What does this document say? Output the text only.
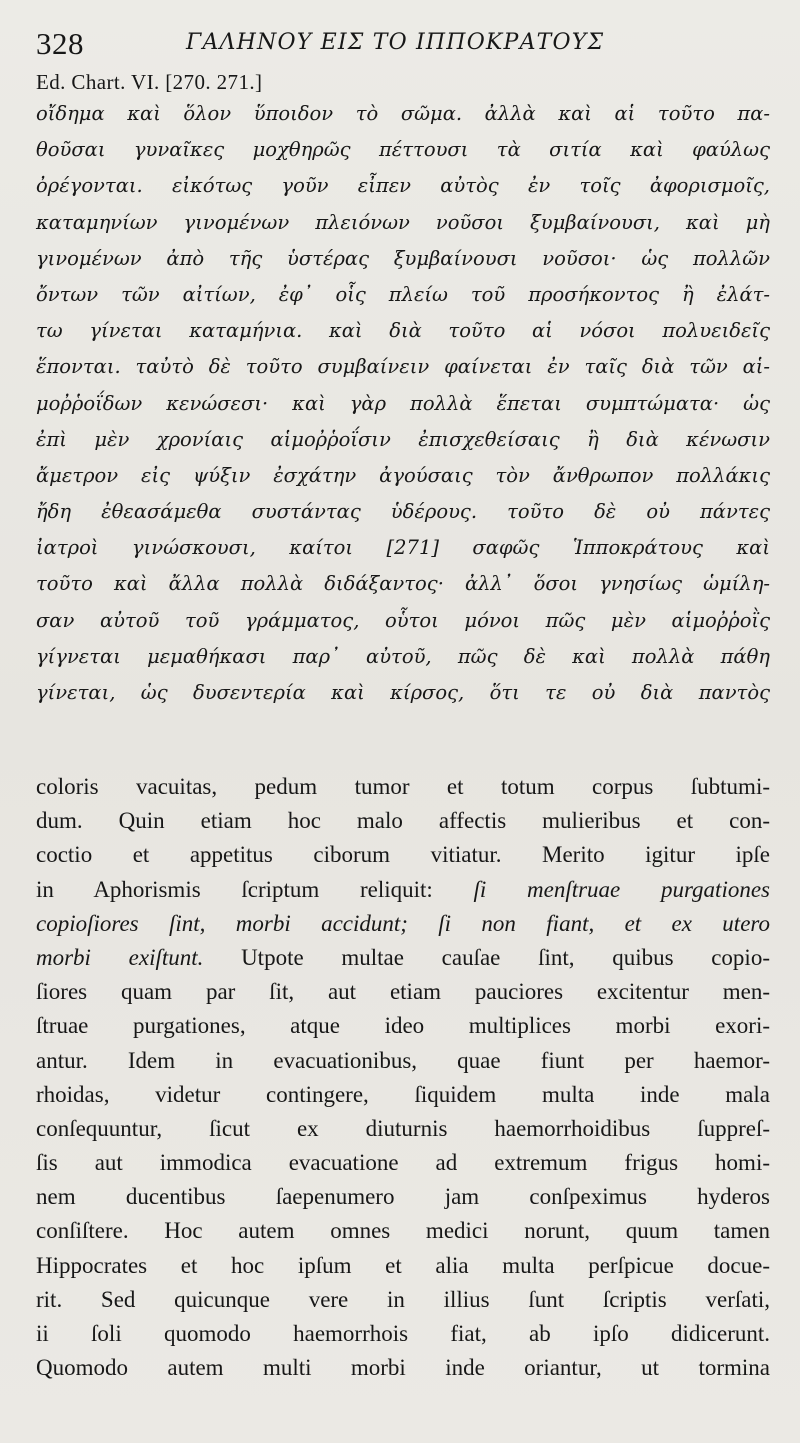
328	ΓΑΛΗΝΟΥ ΕΙΣ ΤΟ ΙΠΠΟΚΡΑΤΟΥΣ
Ed. Chart. VI. [270. 271.]
οἴδημα καὶ ὅλον ὕποιδον τὸ σῶμα. ἀλλὰ καὶ αἱ τοῦτο πα-
θοῦσαι γυναῖκες μοχθηρῶς πέττουσι τὰ σιτία καὶ φαύλως
ὀρέγονται. εἰκότως γοῦν εἶπεν αὐτὸς ἐν τοῖς ἀφορισμοῖς,
καταμηνίων γινομένων πλειόνων νοῦσοι ξυμβαίνουσι, καὶ μὴ
γινομένων ἀπὸ τῆς ὑστέρας ξυμβαίνουσι νοῦσοι· ὡς πολλῶν
ὄντων τῶν αἰτίων, ἐφ᾽ οἷς πλείω τοῦ προσήκοντος ἢ ἐλάτ-
τω γίνεται καταμήνια. καὶ διὰ τοῦτο αἱ νόσοι πολυειδεῖς
ἕπονται. ταὐτὸ δὲ τοῦτο συμβαίνειν φαίνεται ἐν ταῖς διὰ τῶν αἱ-
μοῤῥοΐδων κενώσεσι· καὶ γὰρ πολλὰ ἕπεται συμπτώματα· ὡς
ἐπὶ μὲν χρονίαις αἱμοῤῥοΐσιν ἐπισχεθείσαις ἢ διὰ κένωσιν
ἄμετρον εἰς ψύξιν ἐσχάτην ἀγούσαις τὸν ἄνθρωπον πολλάκις
ἤδη ἐθεασάμεθα συστάντας ὑδέρους. τοῦτο δὲ οὐ πάντες
ἰατροὶ γινώσκουσι, καίτοι [271] σαφῶς Ἱπποκράτους καὶ
τοῦτο καὶ ἄλλα πολλὰ διδάξαντος· ἀλλ᾽ ὅσοι γνησίως ὡμίλη-
σαν αὐτοῦ τοῦ γράμματος, οὗτοι μόνοι πῶς μὲν αἱμοῤῥοῒς
γίγνεται μεμαθήκασι παρ᾽ αὐτοῦ, πῶς δὲ καὶ πολλὰ πάθη
γίνεται, ὡς δυσεντερία καὶ κίρσος, ὅτι τε οὐ διὰ παντὸς
coloris vacuitas, pedum tumor et totum corpus ſubtumi-
dum. Quin etiam hoc malo affectis mulieribus et con-
coctio et appetitus ciborum vitiatur. Merito igitur ipſe
in Aphorismis ſcriptum reliquit: ſi menſtruae purgationes
copioſiores ſint, morbi accidunt; ſi non fiant, et ex utero
morbi exiſtunt. Utpote multae cauſae ſint, quibus copio-
ſiores quam par ſit, aut etiam pauciores excitentur men-
ſtruae purgationes, atque ideo multiplices morbi exori-
antur. Idem in evacuationibus, quae fiunt per haemor-
rhoidas, videtur contingere, ſiquidem multa inde mala
conſequuntur, ſicut ex diuturnis haemorrhoidibus ſuppreſ-
ſis aut immodica evacuatione ad extremum frigus homi-
nem ducentibus ſaepenumero jam conſpeximus hyderos
conſiſtere. Hoc autem omnes medici norunt, quum tamen
Hippocrates et hoc ipſum et alia multa perſpicue docue-
rit. Sed quicunque vere in illius ſunt ſcriptis verſati,
ii ſoli quomodo haemorrhois fiat, ab ipſo didicerunt.
Quomodo autem multi morbi inde oriantur, ut tormina
